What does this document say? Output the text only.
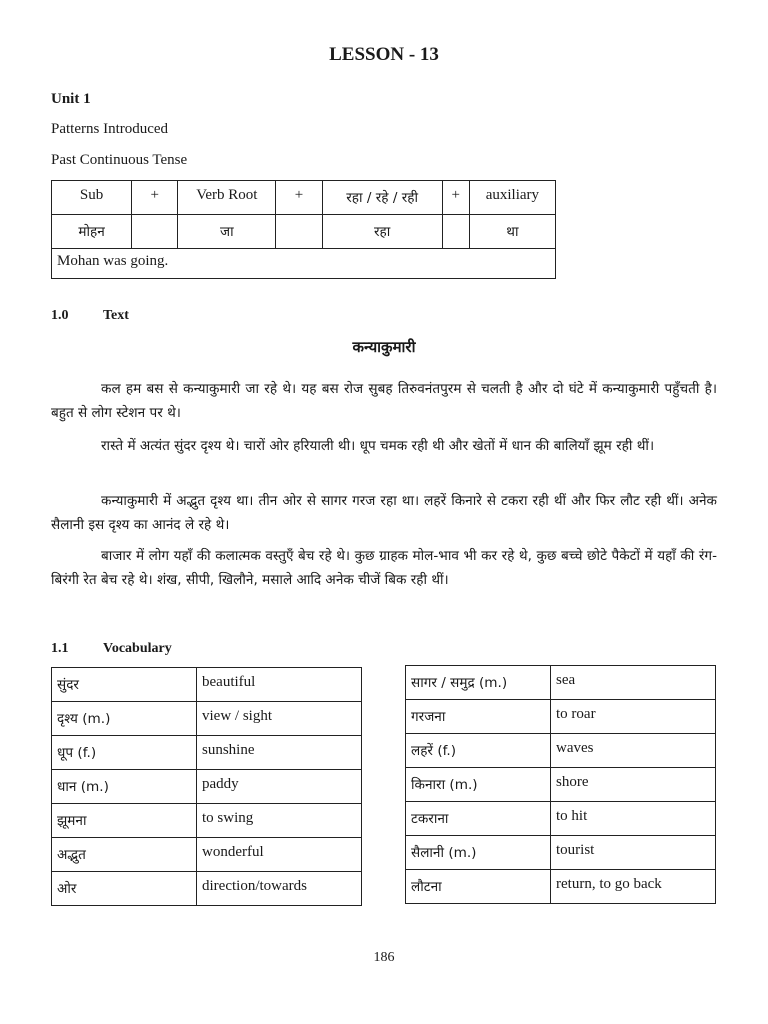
LESSON - 13
Unit 1
Patterns Introduced
Past Continuous Tense
Sub	+	Verb Root	+	रहा / रहे / रही	+	auxiliary
मोहन		जा		रहा		था
Mohan was going.						
1.0 Text
कन्याकुमारी

कल हम बस से कन्याकुमारी जा रहे थे। यह बस रोज सुबह तिरुवनंतपुरम से चलती है और दो घंटे में कन्याकुमारी पहुँचती है। बहुत से लोग स्टेशन पर थे।

रास्ते में अत्यंत सुंदर दृश्य थे। चारों ओर हरियाली थी। धूप चमक रही थी और खेतों में धान की बालियाँ झूम रही थीं।

कन्याकुमारी में अद्भुत दृश्य था। तीन ओर से सागर गरज रहा था। लहरें किनारे से टकरा रही थीं और फिर लौट रही थीं। अनेक सैलानी इस दृश्य का आनंद ले रहे थे।

बाजार में लोग यहाँ की कलात्मक वस्तुएँ बेच रहे थे। कुछ ग्राहक मोल-भाव भी कर रहे थे, कुछ बच्चे छोटे पैकेटों में यहाँ की रंग-बिरंगी रेत बेच रहे थे। शंख, सीपी, खिलौने, मसाले आदि अनेक चीजें बिक रही थीं।

1.1 Vocabulary
सुंदर	beautiful
दृश्य (m.)	view / sight
धूप (f.)	sunshine
धान (m.)	paddy
झूमना	to swing
अद्भुत	wonderful
ओर	direction/towards
सागर / समुद्र (m.)	sea
गरजना	to roar
लहरें (f.)	waves
किनारा (m.)	shore
टकराना	to hit
सैलानी (m.)	tourist
लौटना	return, to go back
186
